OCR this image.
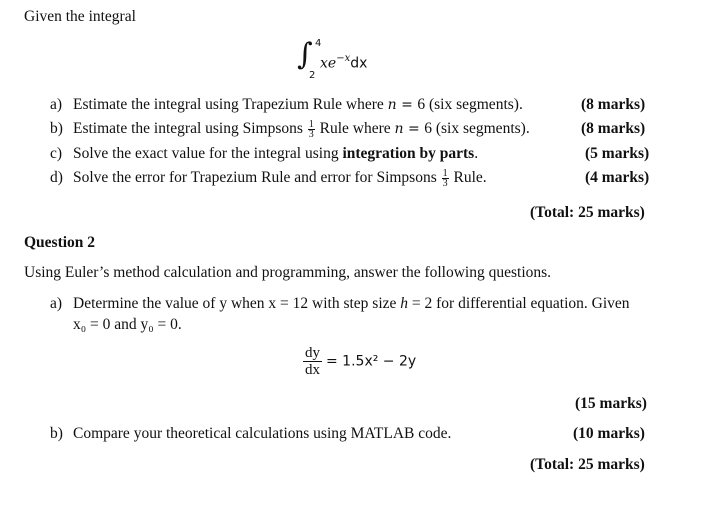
Given the integral
∫ 4
2
$xe^{-x}dx$
a) Estimate the integral using Trapezium Rule where n = 6 (six segments).	(8 marks)
b) Estimate the integral using Simpsons $\frac{1}{3}$ Rule where n = 6 (six segments).	(8 marks)
c) Solve the exact value for the integral using integration by parts.	(5 marks)
d) Solve the error for Trapezium Rule and error for Simpsons $\frac{1}{3}$ Rule.	(4 marks)
(Total: 25 marks)
Question 2
Using Euler’s method calculation and programming, answer the following questions.
a) Determine the value of y when x = 12 with step size h = 2 for differential equation. Given
x₀ = 0 and y₀ = 0.
$\frac{dy}{dx} = 1.5x^2 - 2y$
(15 marks)
b) Compare your theoretical calculations using MATLAB code.	(10 marks)
(Total: 25 marks)
